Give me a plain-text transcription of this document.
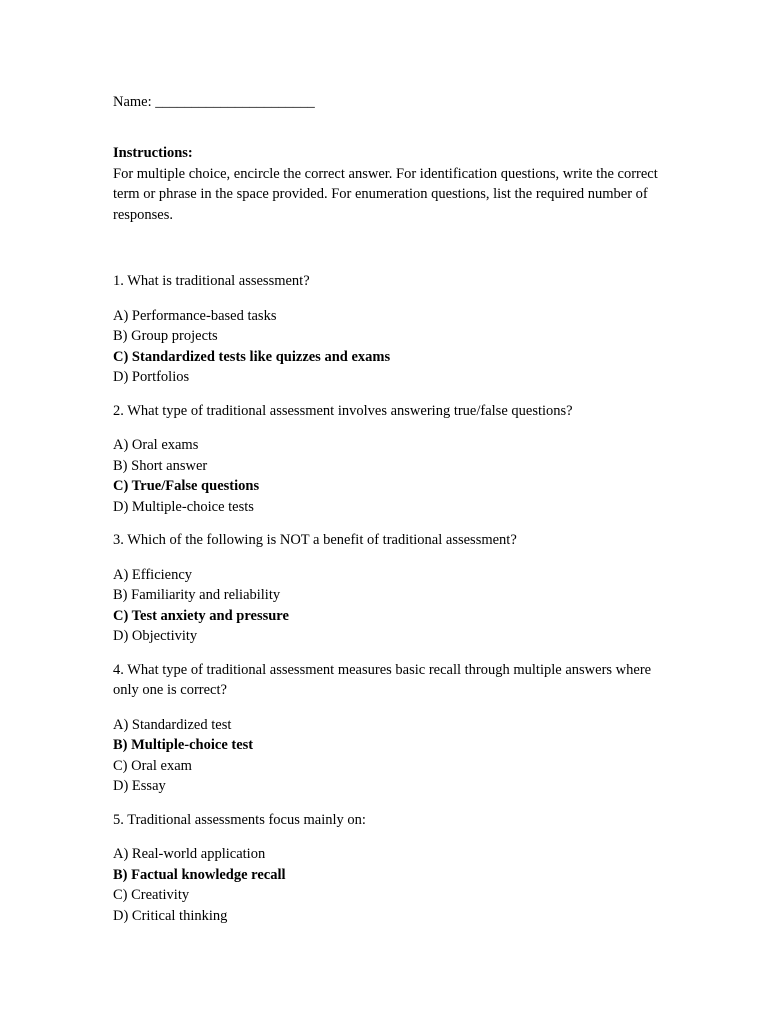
Name: ______________________

Instructions:

For multiple choice, encircle the correct answer. For identification questions, write the correct term or phrase in the space provided. For enumeration questions, list the required number of responses.

1. What is traditional assessment?

A) Performance-based tasks

B) Group projects

C) Standardized tests like quizzes and exams

D) Portfolios

2. What type of traditional assessment involves answering true/false questions?

A) Oral exams

B) Short answer

C) True/False questions

D) Multiple-choice tests

3. Which of the following is NOT a benefit of traditional assessment?

A) Efficiency

B) Familiarity and reliability

C) Test anxiety and pressure

D) Objectivity

4. What type of traditional assessment measures basic recall through multiple answers where only one is correct?

A) Standardized test

B) Multiple-choice test

C) Oral exam

D) Essay

5. Traditional assessments focus mainly on:

A) Real-world application

B) Factual knowledge recall

C) Creativity

D) Critical thinking
